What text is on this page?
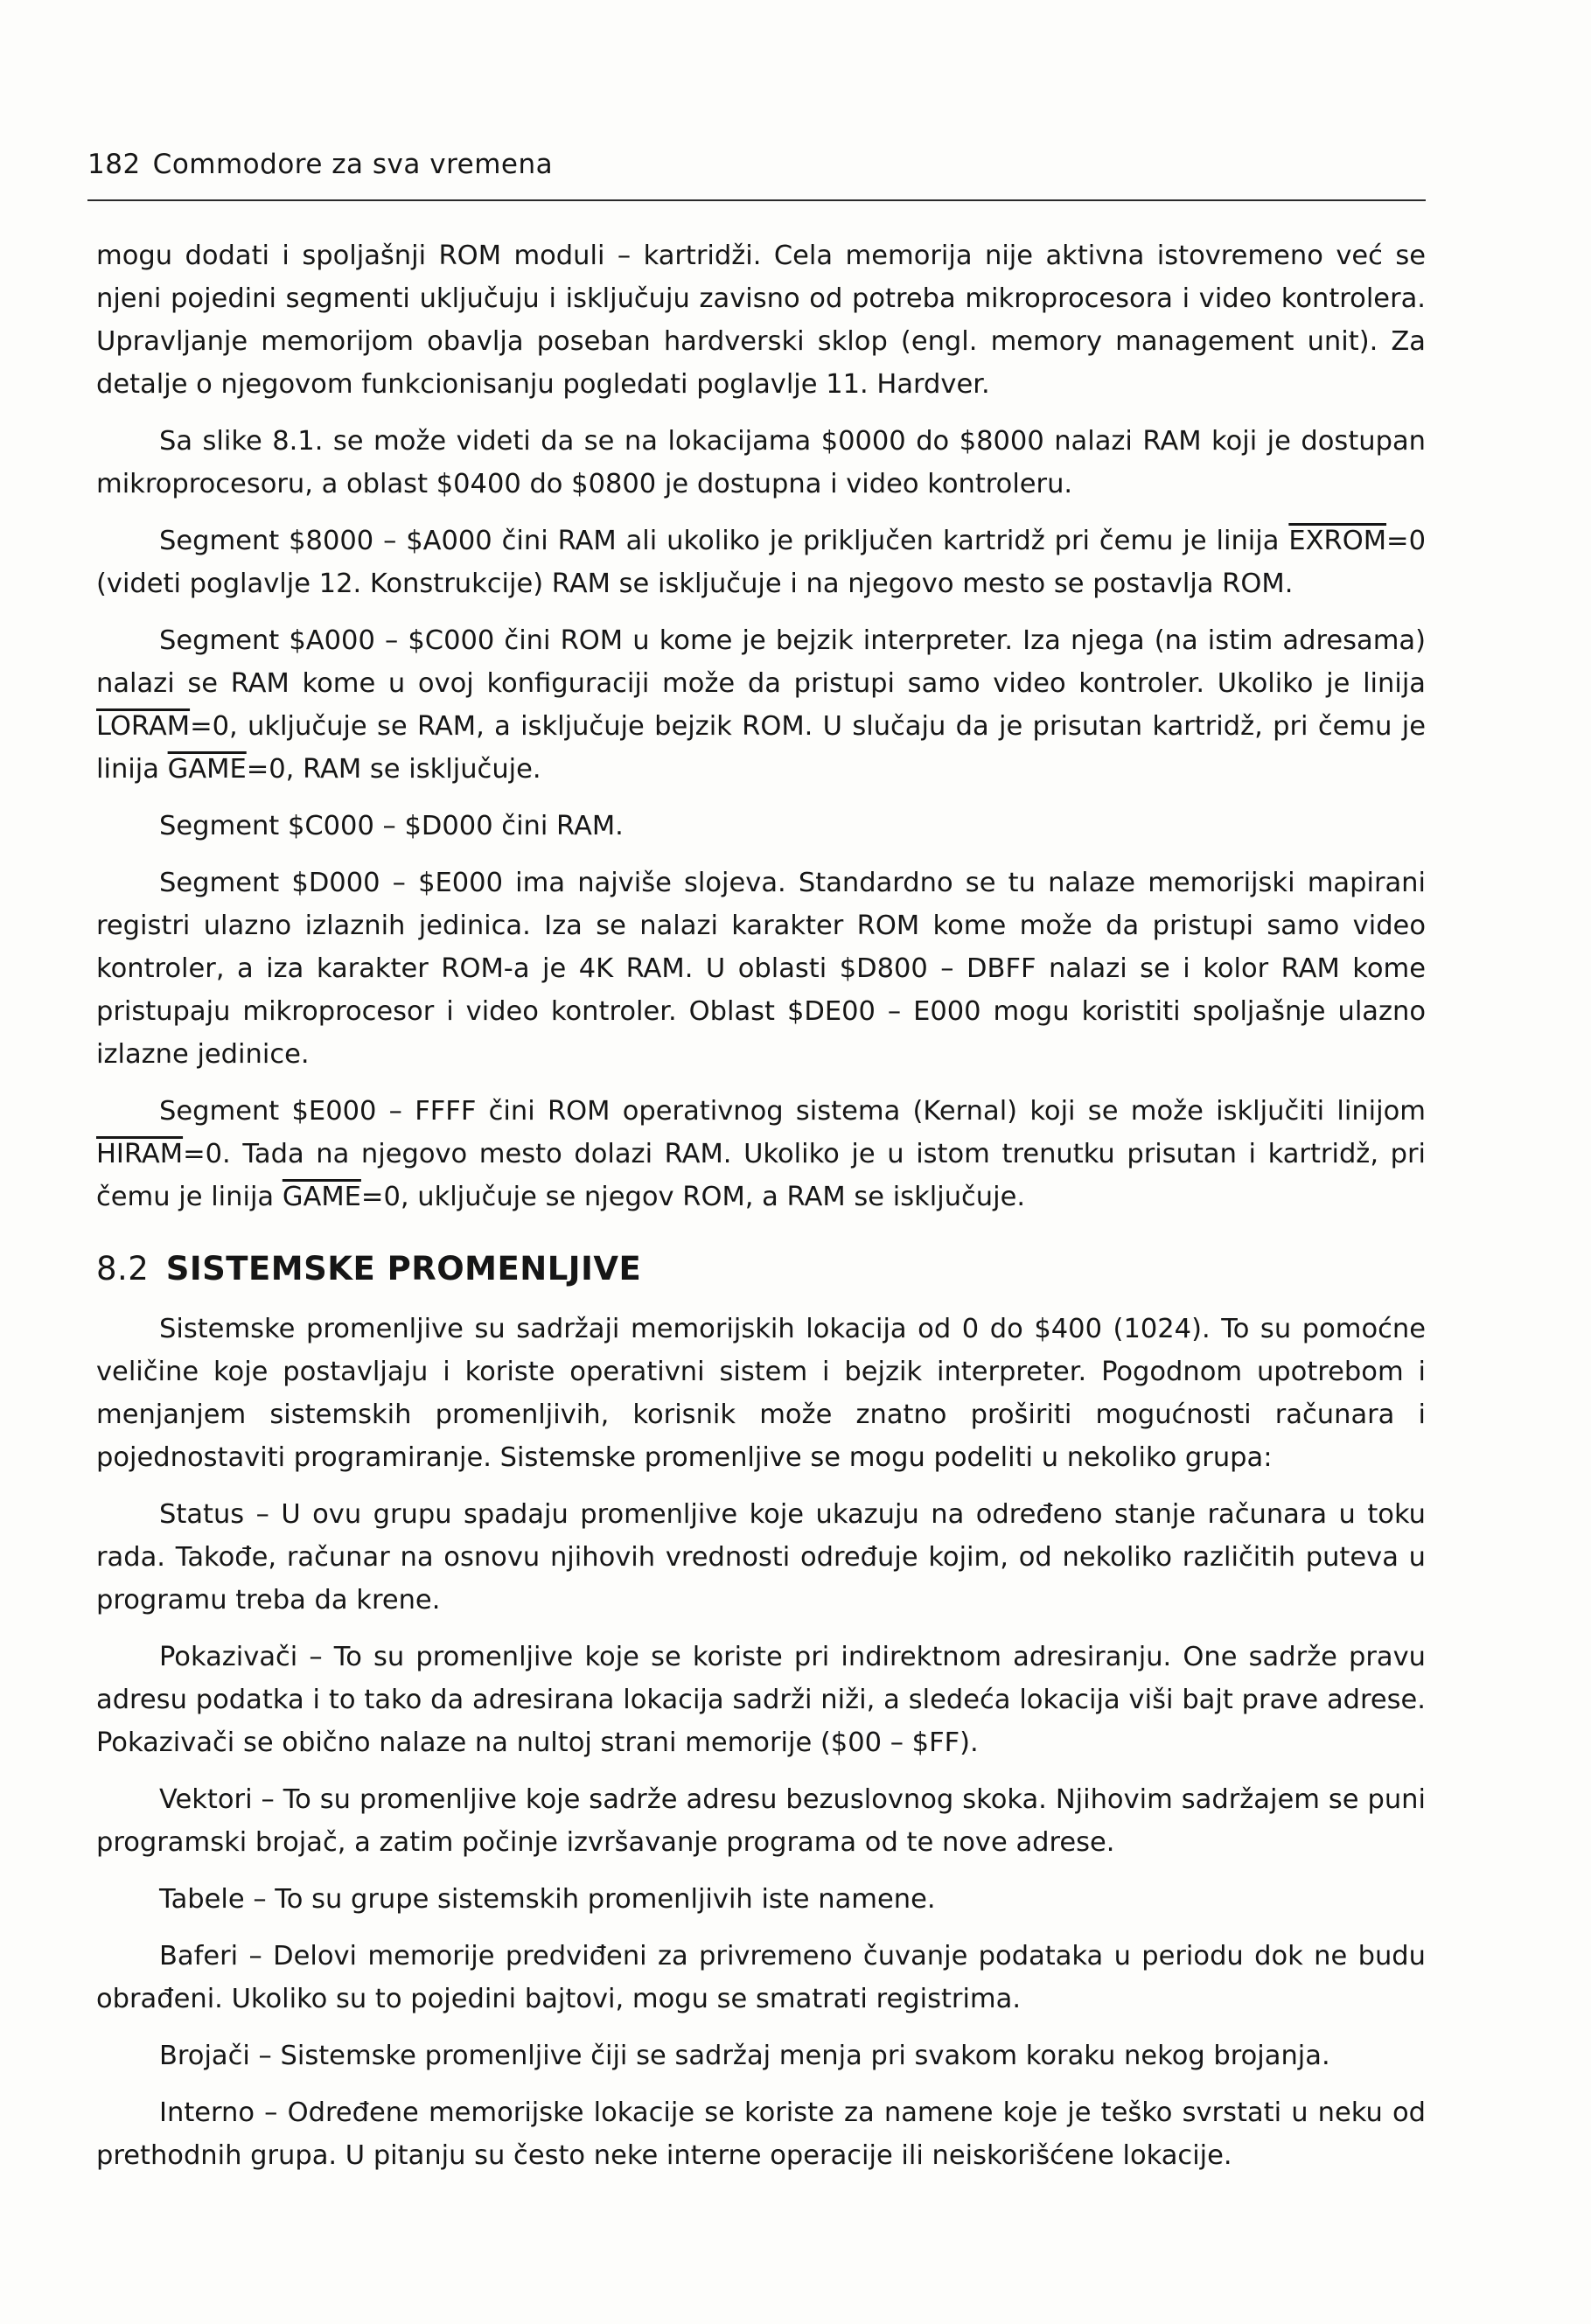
182 Commodore za sva vremena

mogu dodati i spoljašnji ROM moduli – kartridži. Cela memorija nije aktivna istovremeno već se njeni pojedini segmenti uključuju i isključuju zavisno od potreba mikroprocesora i video kontrolera. Upravljanje memorijom obavlja poseban hardverski sklop (engl. memory management unit). Za detalje o njegovom funkcionisanju pogledati poglavlje 11. Hardver.

Sa slike 8.1. se može videti da se na lokacijama $0000 do $8000 nalazi RAM koji je dostupan mikroprocesoru, a oblast $0400 do $0800 je dostupna i video kontroleru.

Segment $8000 – $A000 čini RAM ali ukoliko je priključen kartridž pri čemu je linija EXROM=0 (videti poglavlje 12. Konstrukcije) RAM se isključuje i na njegovo mesto se postavlja ROM.

Segment $A000 – $C000 čini ROM u kome je bejzik interpreter. Iza njega (na istim adresama) nalazi se RAM kome u ovoj konfiguraciji može da pristupi samo video kontroler. Ukoliko je linija LORAM=0, uključuje se RAM, a isključuje bejzik ROM. U slučaju da je prisutan kartridž, pri čemu je linija GAME=0, RAM se isključuje.

Segment $C000 – $D000 čini RAM.

Segment $D000 – $E000 ima najviše slojeva. Standardno se tu nalaze memorijski mapirani registri ulazno izlaznih jedinica. Iza se nalazi karakter ROM kome može da pristupi samo video kontroler, a iza karakter ROM-a je 4K RAM. U oblasti $D800 – DBFF nalazi se i kolor RAM kome pristupaju mikroprocesor i video kontroler. Oblast $DE00 – E000 mogu koristiti spoljašnje ulazno izlazne jedinice.

Segment $E000 – FFFF čini ROM operativnog sistema (Kernal) koji se može isključiti linijom HIRAM=0. Tada na njegovo mesto dolazi RAM. Ukoliko je u istom trenutku prisutan i kartridž, pri čemu je linija GAME=0, uključuje se njegov ROM, a RAM se isključuje.

8.2 SISTEMSKE PROMENLJIVE

Sistemske promenljive su sadržaji memorijskih lokacija od 0 do $400 (1024). To su pomoćne veličine koje postavljaju i koriste operativni sistem i bejzik interpreter. Pogodnom upotrebom i menjanjem sistemskih promenljivih, korisnik može znatno proširiti mogućnosti računara i pojednostaviti programiranje. Sistemske promenljive se mogu podeliti u nekoliko grupa:

Status – U ovu grupu spadaju promenljive koje ukazuju na određeno stanje računara u toku rada. Takođe, računar na osnovu njihovih vrednosti određuje kojim, od nekoliko različitih puteva u programu treba da krene.

Pokazivači – To su promenljive koje se koriste pri indirektnom adresiranju. One sadrže pravu adresu podatka i to tako da adresirana lokacija sadrži niži, a sledeća lokacija viši bajt prave adrese. Pokazivači se obično nalaze na nultoj strani memorije ($00 – $FF).

Vektori – To su promenljive koje sadrže adresu bezuslovnog skoka. Njihovim sadržajem se puni programski brojač, a zatim počinje izvršavanje programa od te nove adrese.

Tabele – To su grupe sistemskih promenljivih iste namene.

Baferi – Delovi memorije predviđeni za privremeno čuvanje podataka u periodu dok ne budu obrađeni. Ukoliko su to pojedini bajtovi, mogu se smatrati registrima.

Brojači – Sistemske promenljive čiji se sadržaj menja pri svakom koraku nekog brojanja.

Interno – Određene memorijske lokacije se koriste za namene koje je teško svrstati u neku od prethodnih grupa. U pitanju su često neke interne operacije ili neiskorišćene lokacije.
